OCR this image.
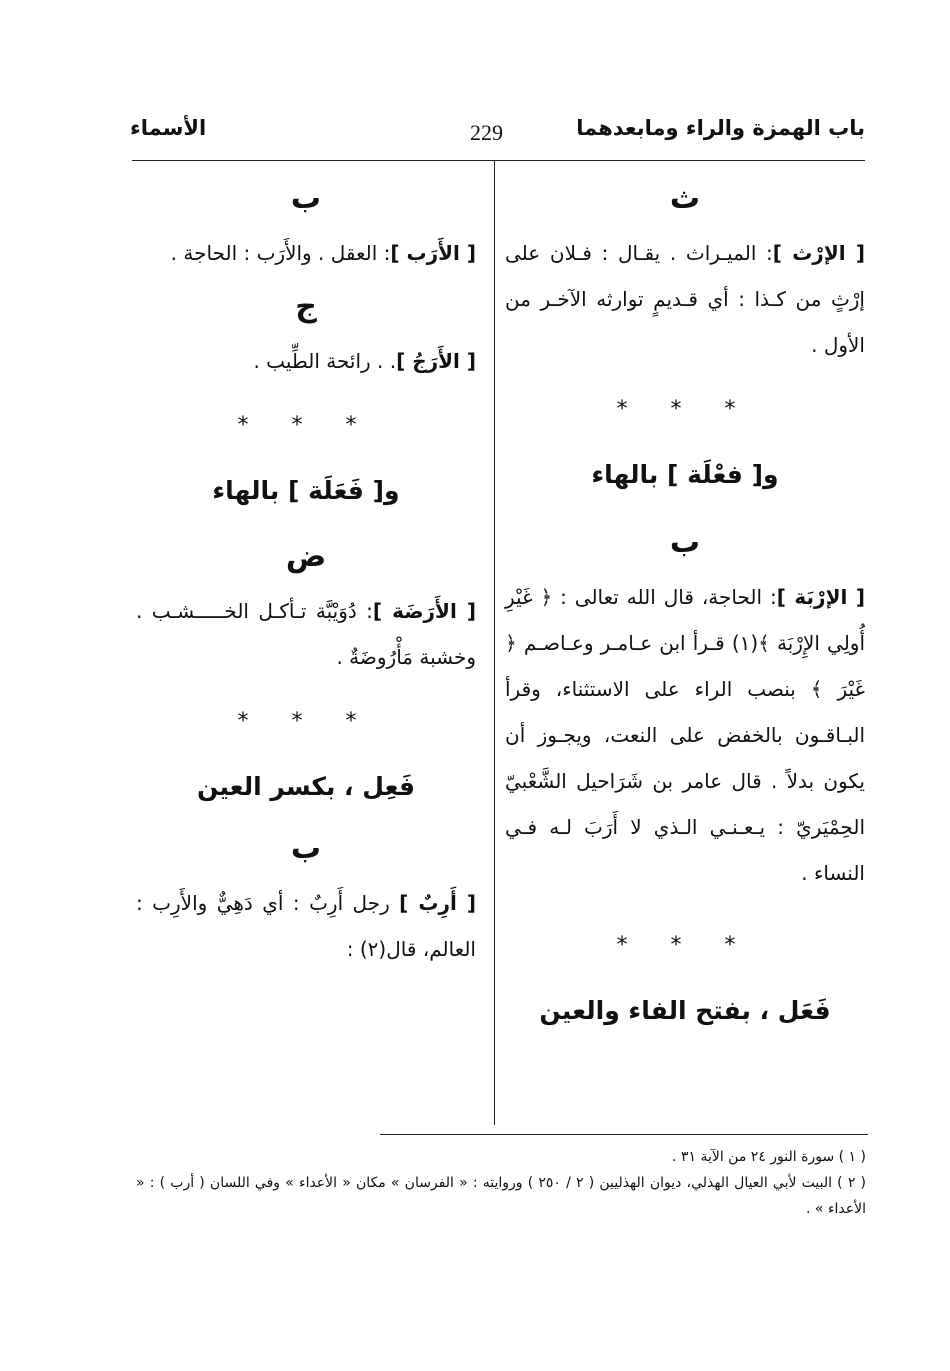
باب الهمزة والراء ومابعدهما
229
الأسماء

ث

[ الإرْث ]: الميـراث . يقـال : فـلان على إرْثٍ من كـذا : أي قـديمٍ توارثه الآخـر من الأول .

* * *

و[ فعْلَة ] بالهاء

ب

[ الإرْبَة ]: الحاجة، قال الله تعالى : ﴿ غَيْرِ أُولِي الإِرْبَة ﴾(١) قـرأ ابن عـامـر وعـاصـم ﴿ غَيْرَ ﴾ بنصب الراء على الاستثناء، وقرأ البـاقـون بالخفض على النعت، ويجـوز أن يكون بدلاً . قال عامر بن شَرَاحيل الشَّعْبيّ الحِمْيَريّ : يـعـنـي الـذي لا أَرَبَ لـه فـي النساء .

* * *

فَعَل ، بفتح الفاء والعين

ب

[ الأَرَب ]: العقل . والأَرَب : الحاجة .

ج

[ الأَرَجُ ]. . رائحة الطِّيب .

* * *

و[ فَعَلَة ] بالهاء

ض

[ الأَرَضَة ]: دُوَيْبَّة تـأكـل الخـــــشـب . وخشبة مَأْرُوضَةٌ .

* * *

فَعِل ، بكسر العين

ب

[ أَرِبٌ ] رجل أَرِبٌ : أي دَهِيٌّ والأَرِب : العالم، قال(٢) :

( ١ ) سورة النور ٢٤ من الآية ٣١ .

( ٢ ) البيت لأبي العيال الهذلي، ديوان الهذليين ( ٢ / ٢٥٠ ) وروايته : « الفرسان » مكان « الأعداء » وفي اللسان ( أرب ) : « الأعداء » .
